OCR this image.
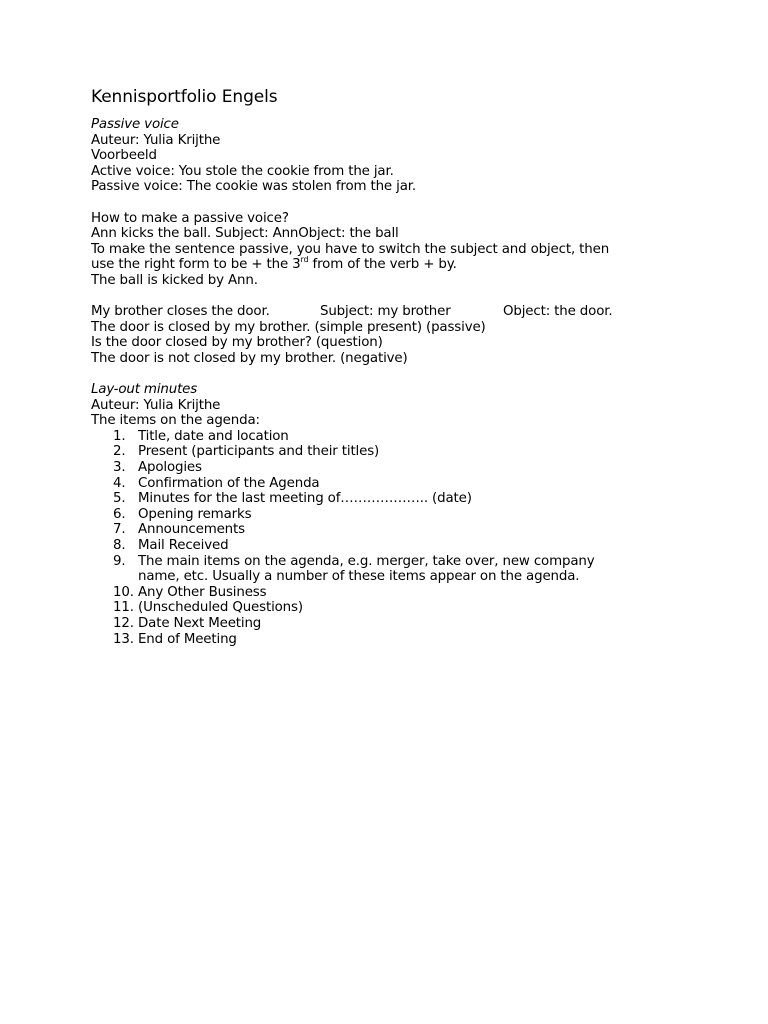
Kennisportfolio Engels

Passive voice

Auteur: Yulia Krijthe

Voorbeeld

Active voice: You stole the cookie from the jar.

Passive voice: The cookie was stolen from the jar.

How to make a passive voice?

Ann kicks the ball. Subject: AnnObject: the ball

To make the sentence passive, you have to switch the subject and object, then

use the right form to be + the 3rd from of the verb + by.

The ball is kicked by Ann.

My brother closes the door.	Subject: my brother	Object: the door.

The door is closed by my brother. (simple present) (passive)

Is the door closed by my brother? (question)

The door is not closed by my brother. (negative)

Lay-out minutes

Auteur: Yulia Krijthe

The items on the agenda:

1. Title, date and location
2. Present (participants and their titles)
3. Apologies
4. Confirmation of the Agenda
5. Minutes for the last meeting of……………….. (date)
6. Opening remarks
7. Announcements
8. Mail Received
9. The main items on the agenda, e.g. merger, take over, new company
name, etc. Usually a number of these items appear on the agenda.
10. Any Other Business
11. (Unscheduled Questions)
12. Date Next Meeting
13. End of Meeting
